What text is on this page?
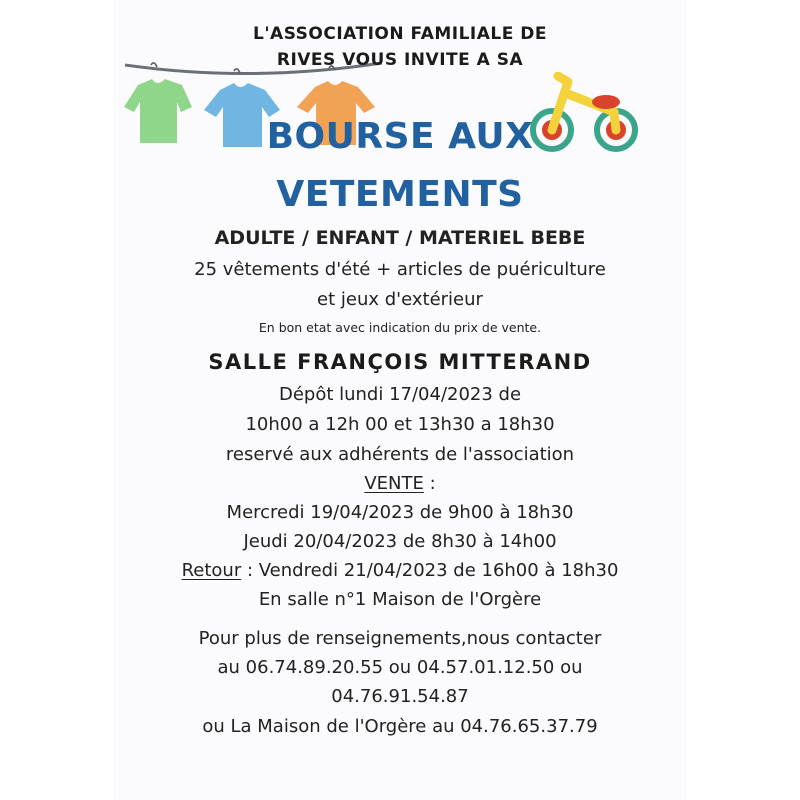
L'ASSOCIATION FAMILIALE DE
RIVES VOUS INVITE A SA
BOURSE AUX
VETEMENTS
ADULTE / ENFANT / MATERIEL BEBE
25 vêtements d'été + articles de puériculture
et jeux d'extérieur
En bon etat avec indication du prix de vente.
SALLE FRANÇOIS MITTERAND
Dépôt lundi 17/04/2023 de
10h00 a 12h 00 et 13h30 a 18h30
reservé aux adhérents de l'association
VENTE :
Mercredi 19/04/2023 de 9h00 à 18h30
Jeudi 20/04/2023 de 8h30 à 14h00
Retour : Vendredi 21/04/2023 de 16h00 à 18h30
En salle n°1 Maison de l'Orgère
Pour plus de renseignements,nous contacter
au 06.74.89.20.55 ou 04.57.01.12.50 ou
04.76.91.54.87
ou La Maison de l'Orgère au 04.76.65.37.79
